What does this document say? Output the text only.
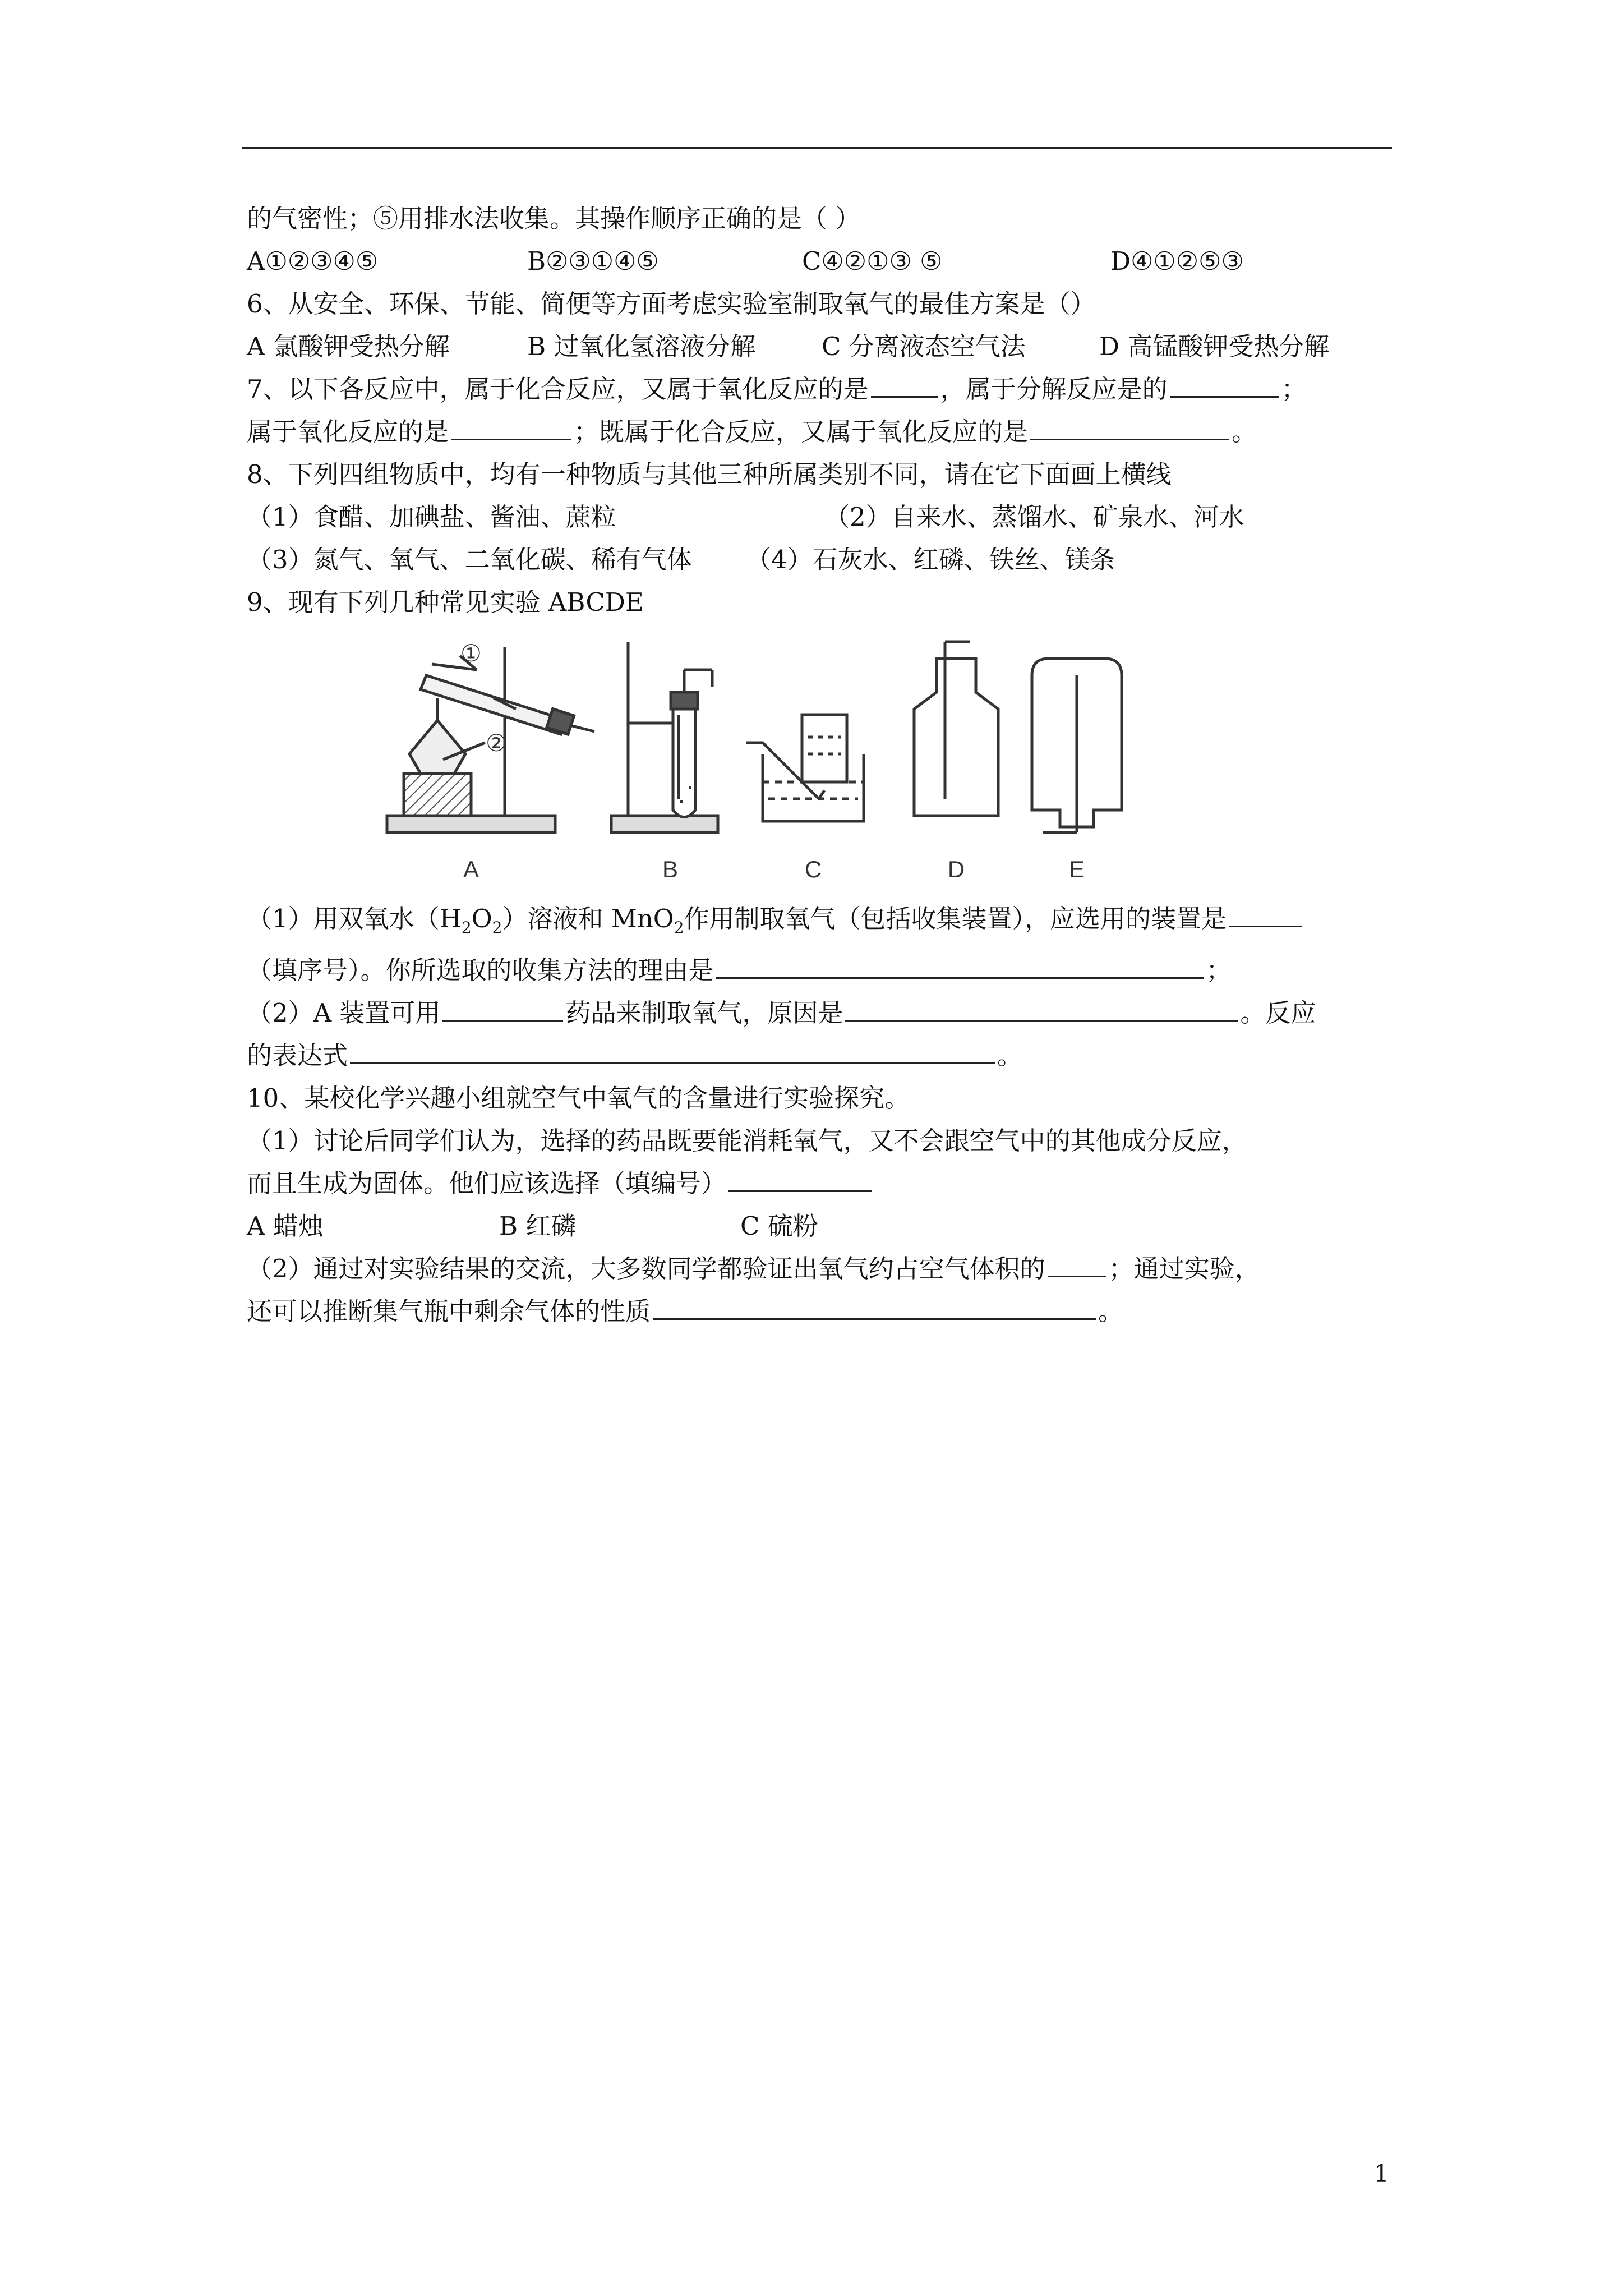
的气密性；⑤用排水法收集。其操作顺序正确的是（ ）
A①②③④⑤	B②③①④⑤	C④②①③ ⑤	D④①②⑤③
6、从安全、环保、节能、简便等方面考虑实验室制取氧气的最佳方案是（）
A 氯酸钾受热分解	B 过氧化氢溶液分解	C 分离液态空气法	D 高锰酸钾受热分解
7、以下各反应中，属于化合反应，又属于氧化反应的是	，属于分解反应是的	；
属于氧化反应的是	；既属于化合反应，又属于氧化反应的是	。
8、下列四组物质中，均有一种物质与其他三种所属类别不同，请在它下面画上横线
（1）食醋、加碘盐、酱油、蔗粒	（2）自来水、蒸馏水、矿泉水、河水
（3）氮气、氧气、二氧化碳、稀有气体 （4）石灰水、红磷、铁丝、镁条
9、现有下列几种常见实验 ABCDE
①
②
A	B	C	D	E
（1）用双氧水$(H_2O_2)$溶液和 MnO$_2$作用制取氧气（包括收集装置），应选用的装置是
（填序号）。你所选取的收集方法的理由是	；
（2）A 装置可用	药品来制取氧气，原因是	。反应
的表达式	。
10、某校化学兴趣小组就空气中氧气的含量进行实验探究。
（1）讨论后同学们认为，选择的药品既要能消耗氧气，又不会跟空气中的其他成分反应，
而且生成为固体。他们应该选择（填编号）
A 蜡烛	B 红磷	C 硫粉
（2）通过对实验结果的交流，大多数同学都验证出氧气约占空气体积的	；通过实验，
还可以推断集气瓶中剩余气体的性质	。
1
